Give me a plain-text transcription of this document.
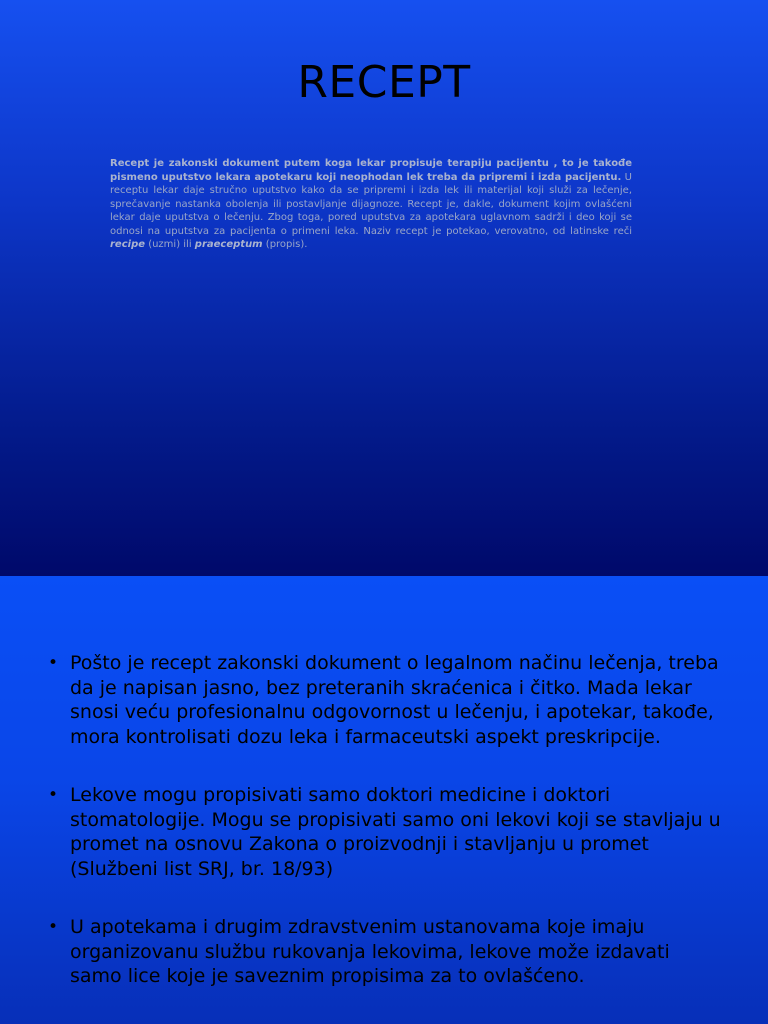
RECEPT
Recept je zakonski dokument putem koga lekar propisuje terapiju pacijentu , to je takođe pismeno uputstvo lekara apotekaru koji neophodan lek treba da pripremi i izda pacijentu. U receptu lekar daje stručno uputstvo kako da se pripremi i izda lek ili materijal koji služi za lečenje, sprečavanje nastanka obolenja ili postavljanje dijagnoze. Recept je, dakle, dokument kojim ovlašćeni lekar daje uputstva o lečenju. Zbog toga, pored uputstva za apotekara uglavnom sadrži i deo koji se odnosi na uputstva za pacijenta o primeni leka. Naziv recept je potekao, verovatno, od latinske reči recipe (uzmi) ili praeceptum (propis).
• Pošto je recept zakonski dokument o legalnom načinu lečenja, treba da je napisan jasno, bez preteranih skraćenica i čitko. Mada lekar snosi veću profesionalnu odgovornost u lečenju, i apotekar, takođe, mora kontrolisati dozu leka i farmaceutski aspekt preskripcije.
• Lekove mogu propisivati samo doktori medicine i doktori stomatologije. Mogu se propisivati samo oni lekovi koji se stavljaju u promet na osnovu Zakona o proizvodnji i stavljanju u promet (Službeni list SRJ, br. 18/93)
• U apotekama i drugim zdravstvenim ustanovama koje imaju organizovanu službu rukovanja lekovima, lekove može izdavati samo lice koje je saveznim propisima za to ovlašćeno.
